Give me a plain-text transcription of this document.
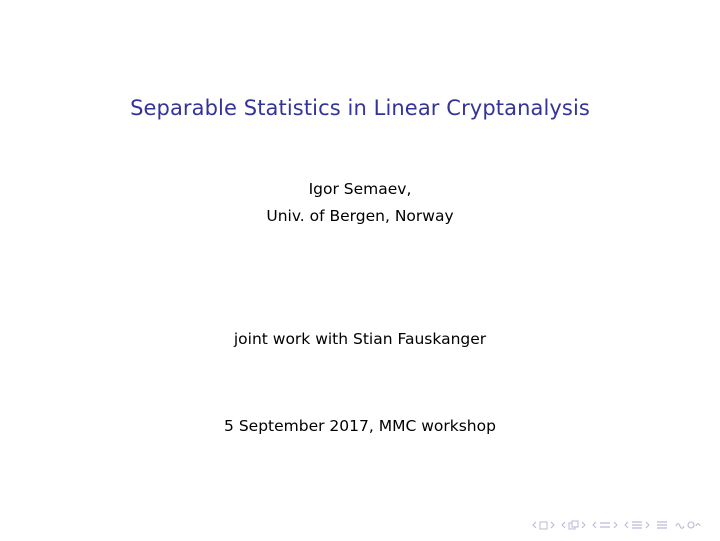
Separable Statistics in Linear Cryptanalysis
Igor Semaev,
Univ. of Bergen, Norway
joint work with Stian Fauskanger
5 September 2017, MMC workshop
